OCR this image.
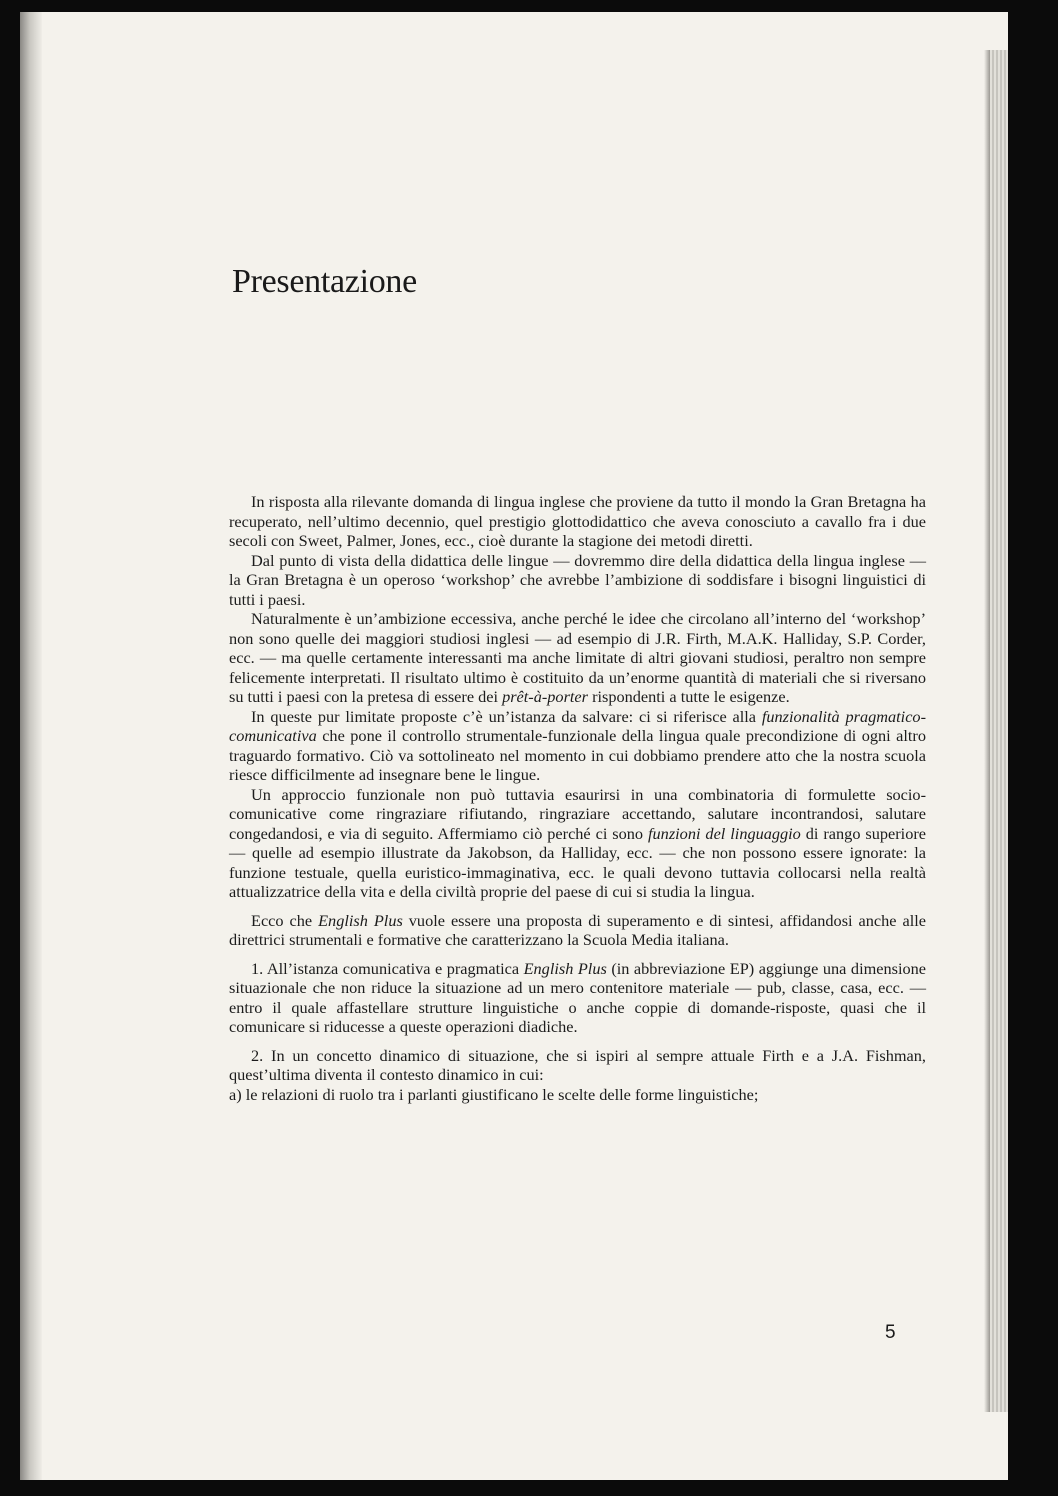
Presentazione

In risposta alla rilevante domanda di lingua inglese che proviene da tutto il mondo la Gran Bretagna ha recuperato, nell’ultimo decennio, quel prestigio glottodidattico che aveva conosciuto a cavallo fra i due secoli con Sweet, Palmer, Jones, ecc., cioè durante la stagione dei metodi diretti.

Dal punto di vista della didattica delle lingue — dovremmo dire della didattica della lingua inglese — la Gran Bretagna è un operoso ‘workshop’ che avrebbe l’ambizione di soddisfare i bisogni linguistici di tutti i paesi.

Naturalmente è un’ambizione eccessiva, anche perché le idee che circolano all’interno del ‘workshop’ non sono quelle dei maggiori studiosi inglesi — ad esempio di J.R. Firth, M.A.K. Halliday, S.P. Corder, ecc. — ma quelle certamente interessanti ma anche limitate di altri giovani studiosi, peraltro non sempre felicemente interpretati. Il risultato ultimo è costituito da un’enorme quantità di materiali che si riversano su tutti i paesi con la pretesa di essere dei prêt-à-porter rispondenti a tutte le esigenze.

In queste pur limitate proposte c’è un’istanza da salvare: ci si riferisce alla funzionalità pragmatico-comunicativa che pone il controllo strumentale-funzionale della lingua quale precondizione di ogni altro traguardo formativo. Ciò va sottolineato nel momento in cui dobbiamo prendere atto che la nostra scuola riesce difficilmente ad insegnare bene le lingue.

Un approccio funzionale non può tuttavia esaurirsi in una combinatoria di formulette socio-comunicative come ringraziare rifiutando, ringraziare accettando, salutare incontrandosi, salutare congedandosi, e via di seguito. Affermiamo ciò perché ci sono funzioni del linguaggio di rango superiore — quelle ad esempio illustrate da Jakobson, da Halliday, ecc. — che non possono essere ignorate: la funzione testuale, quella euristico-immaginativa, ecc. le quali devono tuttavia collocarsi nella realtà attualizzatrice della vita e della civiltà proprie del paese di cui si studia la lingua.

Ecco che English Plus vuole essere una proposta di superamento e di sintesi, affidandosi anche alle direttrici strumentali e formative che caratterizzano la Scuola Media italiana.

1. All’istanza comunicativa e pragmatica English Plus (in abbreviazione EP) aggiunge una dimensione situazionale che non riduce la situazione ad un mero contenitore materiale — pub, classe, casa, ecc. — entro il quale affastellare strutture linguistiche o anche coppie di domande-risposte, quasi che il comunicare si riducesse a queste operazioni diadiche.

2. In un concetto dinamico di situazione, che si ispiri al sempre attuale Firth e a J.A. Fishman, quest’ultima diventa il contesto dinamico in cui:

a) le relazioni di ruolo tra i parlanti giustificano le scelte delle forme linguistiche;

5
